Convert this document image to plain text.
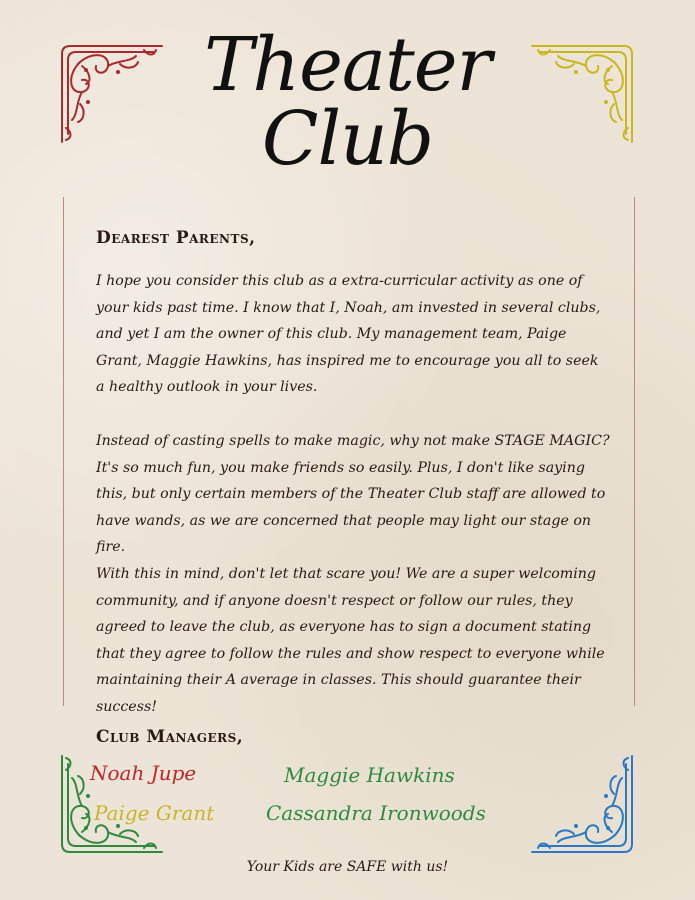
Theater
Club
Dearest Parents,

I hope you consider this club as a extra-curricular activity as one of your kids past time. I know that I, Noah, am invested in several clubs, and yet I am the owner of this club. My management team, Paige Grant, Maggie Hawkins, has inspired me to encourage you all to seek a healthy outlook in your lives.

Instead of casting spells to make magic, why not make STAGE MAGIC? It's so much fun, you make friends so easily. Plus, I don't like saying this, but only certain members of the Theater Club staff are allowed to have wands, as we are concerned that people may light our stage on fire.

With this in mind, don't let that scare you! We are a super welcoming community, and if anyone doesn't respect or follow our rules, they agreed to leave the club, as everyone has to sign a document stating that they agree to follow the rules and show respect to everyone while maintaining their A average in classes. This should guarantee their success!

Club Managers,
Noah Jupe	Maggie Hawkins
Paige Grant	Cassandra Ironwoods
Your Kids are SAFE with us!
